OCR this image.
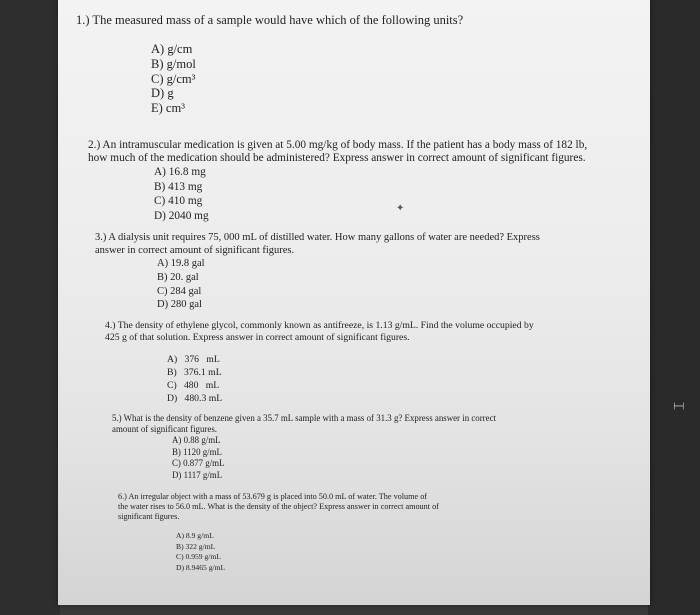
1.) The measured mass of a sample would have which of the following units?

A) g/cm
B) g/mol
C) g/cm³
D) g
E) cm³

2.) An intramuscular medication is given at 5.00 mg/kg of body mass. If the patient has a body mass of 182 lb,

how much of the medication should be administered? Express answer in correct amount of significant figures.

A) 16.8 mg
B) 413 mg
C) 410 mg
D) 2040 mg

3.) A dialysis unit requires 75, 000 mL of distilled water. How many gallons of water are needed? Express

answer in correct amount of significant figures.

A) 19.8 gal
B) 20. gal
C) 284 gal
D) 280 gal

4.) The density of ethylene glycol, commonly known as antifreeze, is 1.13 g/mL. Find the volume occupied by

425 g of that solution. Express answer in correct amount of significant figures.

A)   376   mL
B)   376.1 mL
C)   480   mL
D)   480.3 mL

5.) What is the density of benzene given a 35.7 mL sample with a mass of 31.3 g? Express answer in correct

amount of significant figures.

A) 0.88 g/mL
B) 1120 g/mL
C) 0.877 g/mL
D) 1117 g/mL

6.) An irregular object with a mass of 53.679 g is placed into 50.0 mL of water. The volume of

the water rises to 56.0 mL. What is the density of the object? Express answer in correct amount of

significant figures.

A) 8.9 g/mL
B) 322 g/mL
C) 0.959 g/mL
D) 8.9465 g/mL
✦
⌶
